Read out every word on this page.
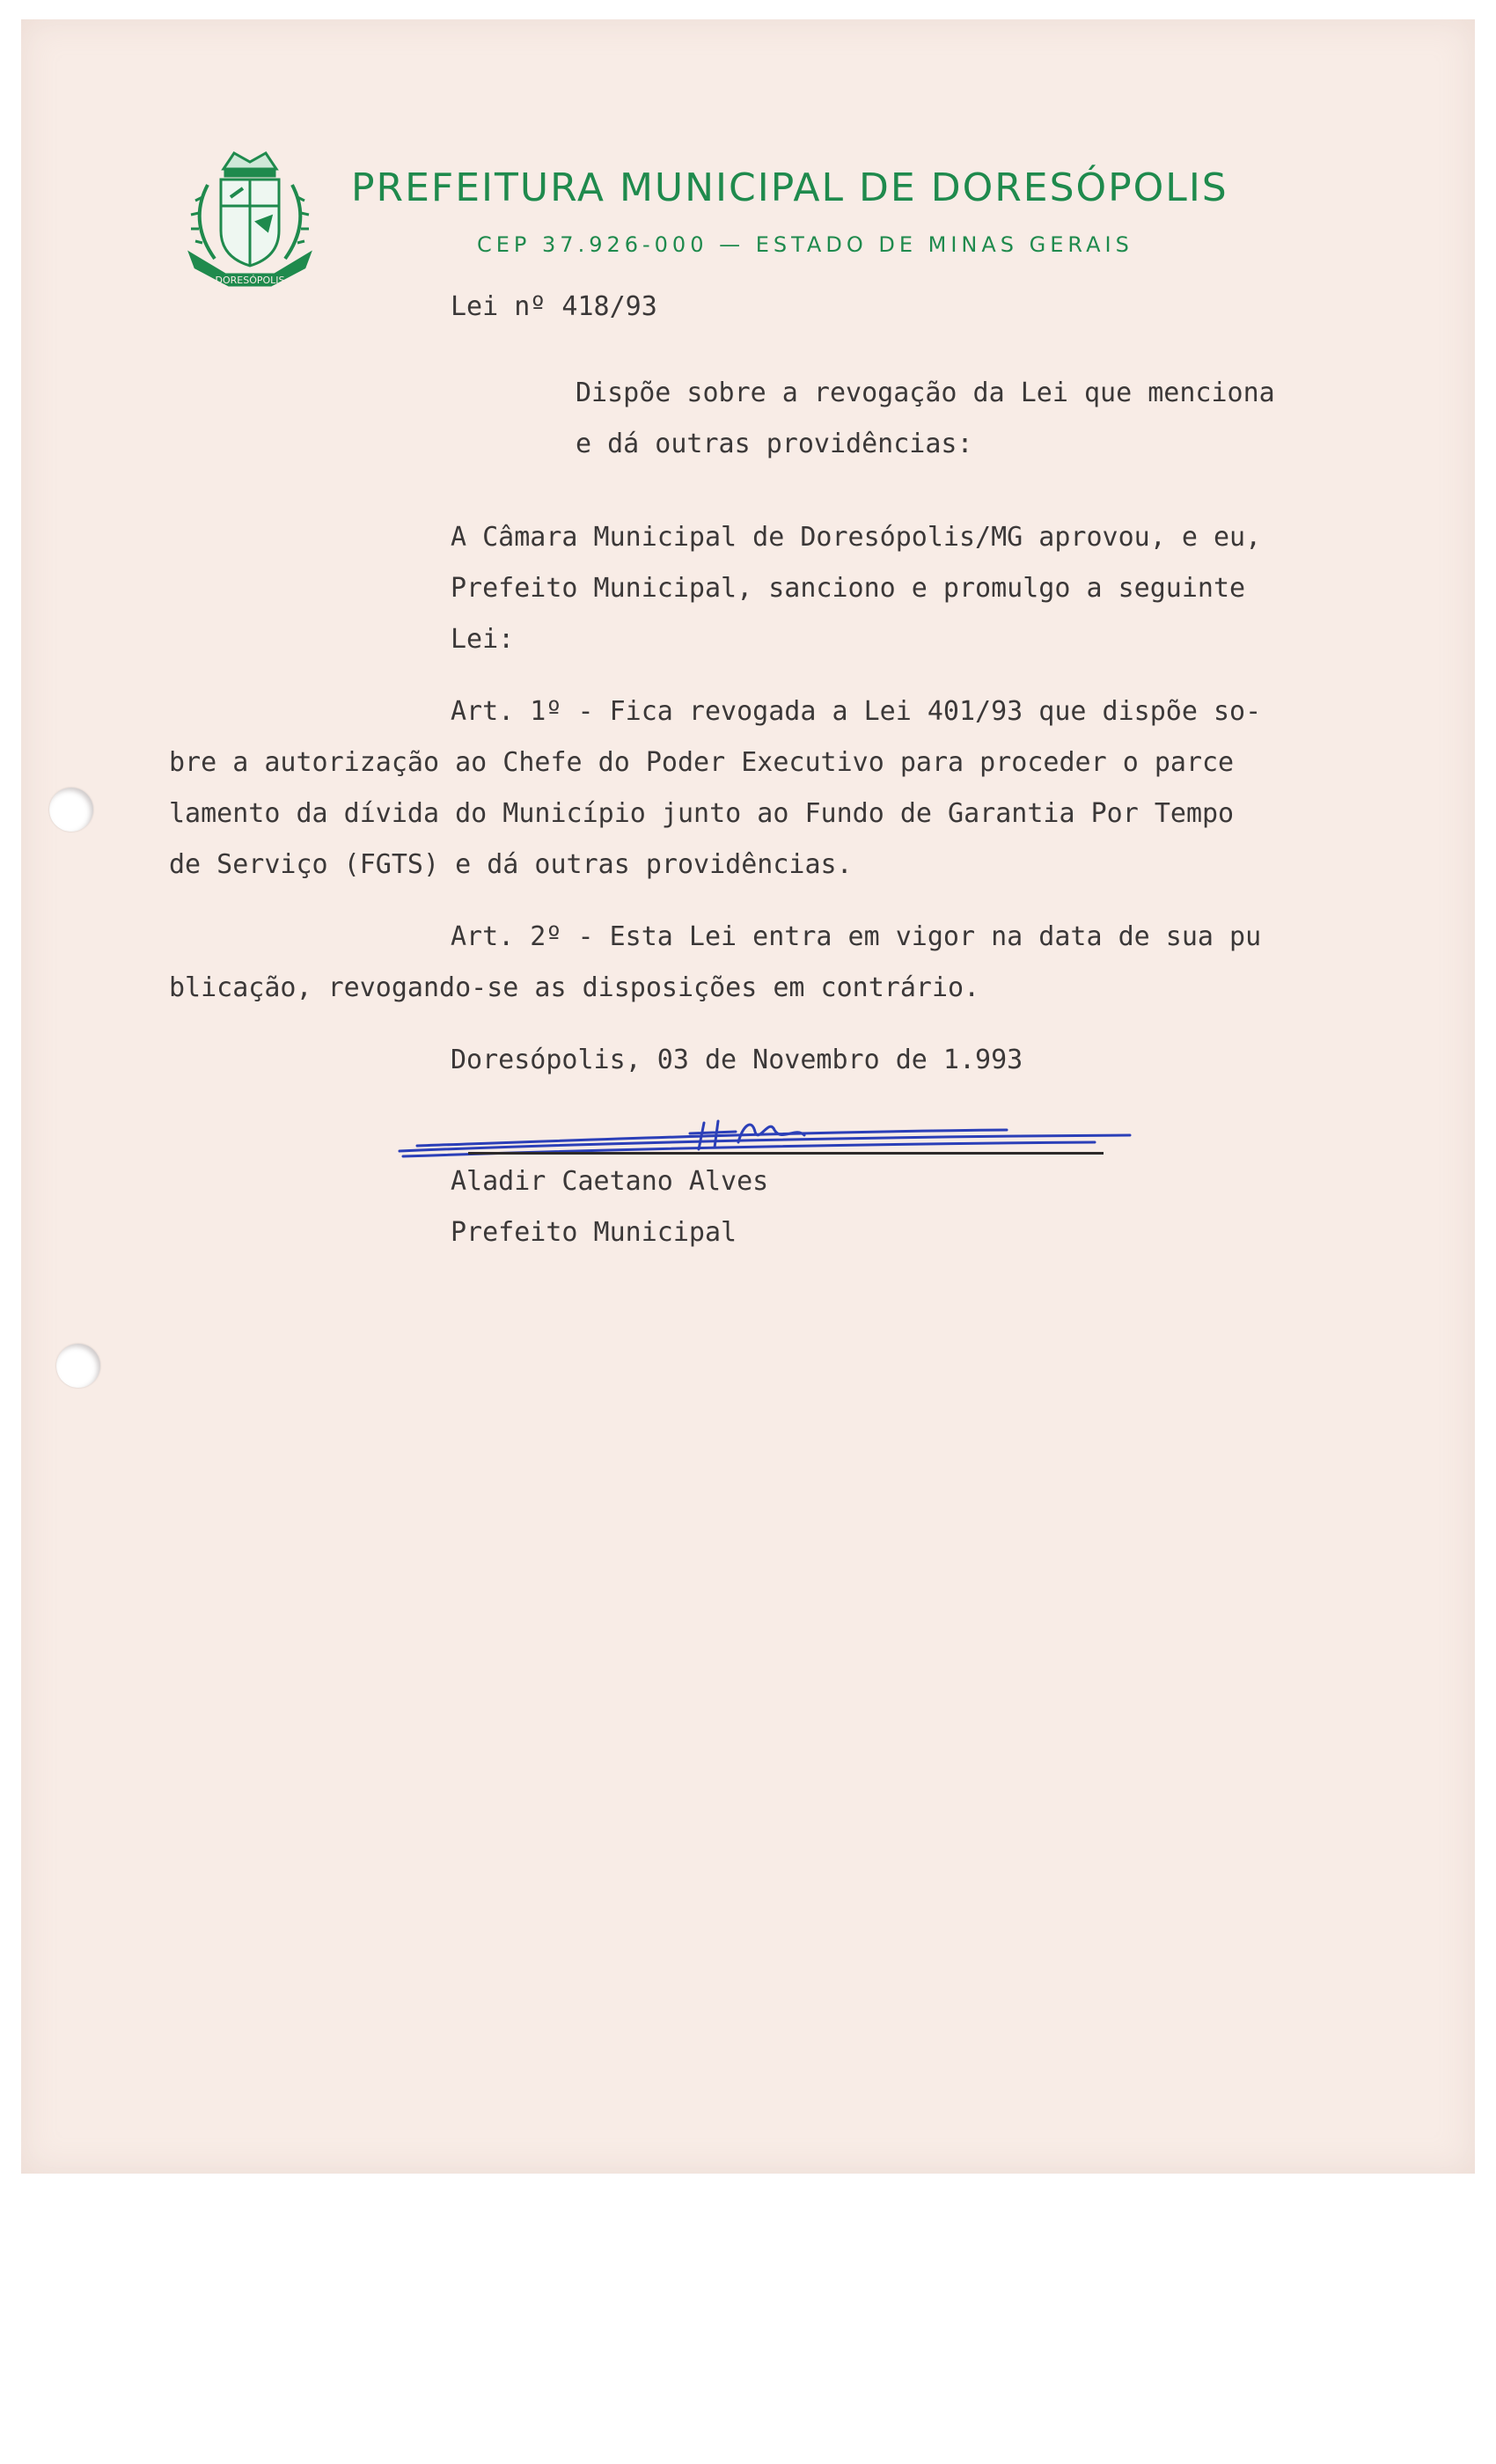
DORESÓPOLIS
PREFEITURA MUNICIPAL DE DORESÓPOLIS
CEP 37.926-000 — ESTADO DE MINAS GERAIS
Lei nº 418/93
Dispõe sobre a revogação da Lei que menciona
e dá outras providências:
A Câmara Municipal de Doresópolis/MG aprovou, e eu,
Prefeito Municipal, sanciono e promulgo a seguinte
Lei:
Art. 1º - Fica revogada a Lei 401/93 que dispõe so-
bre a autorização ao Chefe do Poder Executivo para proceder o parce
lamento da dívida do Município junto ao Fundo de Garantia Por Tempo
de Serviço (FGTS) e dá outras providências.
Art. 2º - Esta Lei entra em vigor na data de sua pu
blicação, revogando-se as disposições em contrário.
Doresópolis, 03 de Novembro de 1.993
Aladir Caetano Alves
Prefeito Municipal
